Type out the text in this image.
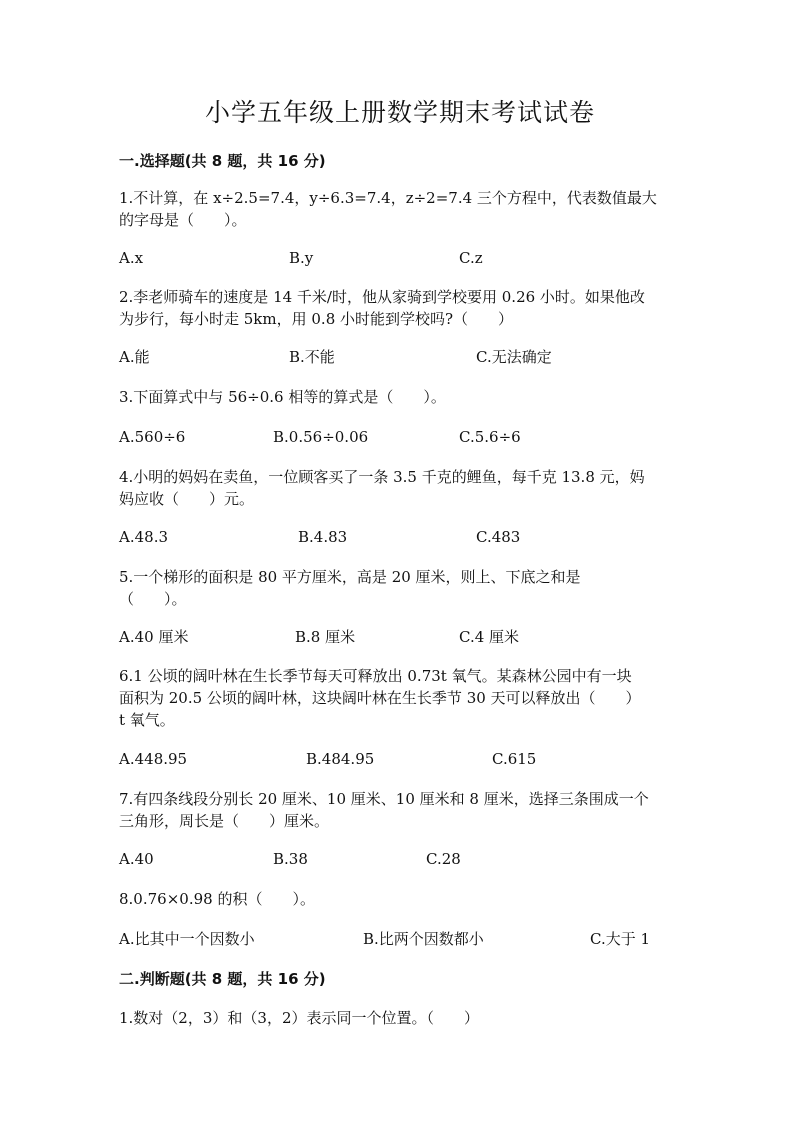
小学五年级上册数学期末考试试卷
一.选择题(共 8 题，共 16 分)
1.不计算，在 x÷2.5=7.4，y÷6.3=7.4，z÷2=7.4 三个方程中，代表数值最大
的字母是（　　）。
A.x	B.y	C.z
2.李老师骑车的速度是 14 千米/时，他从家骑到学校要用 0.26 小时。如果他改
为步行，每小时走 5km，用 0.8 小时能到学校吗?（　　）
A.能	B.不能	C.无法确定
3.下面算式中与 56÷0.6 相等的算式是（　　）。
A.560÷6	B.0.56÷0.06	C.5.6÷6
4.小明的妈妈在卖鱼，一位顾客买了一条 3.5 千克的鲤鱼，每千克 13.8 元，妈
妈应收（　　）元。
A.48.3	B.4.83	C.483
5.一个梯形的面积是 80 平方厘米，高是 20 厘米，则上、下底之和是
（　　）。
A.40 厘米	B.8 厘米	C.4 厘米
6.1 公顷的阔叶林在生长季节每天可释放出 0.73t 氧气。某森林公园中有一块
面积为 20.5 公顷的阔叶林，这块阔叶林在生长季节 30 天可以释放出（　　）
t 氧气。
A.448.95	B.484.95	C.615
7.有四条线段分别长 20 厘米、10 厘米、10 厘米和 8 厘米，选择三条围成一个
三角形，周长是（　　）厘米。
A.40	B.38	C.28
8.0.76×0.98 的积（　　）。
A.比其中一个因数小	B.比两个因数都小	C.大于 1
二.判断题(共 8 题，共 16 分)
1.数对（2，3）和（3，2）表示同一个位置。（　　）
